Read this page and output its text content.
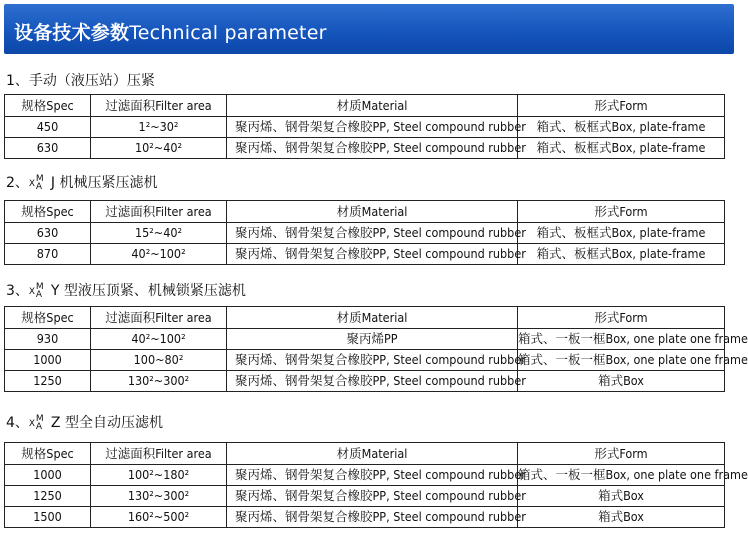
设备技术参数Technical parameter
1、手动（液压站）压紧
规格Spec	过滤面积Filter area	材质Material	形式Form
450	1²~30²	聚丙烯、钢骨架复合橡胶PP, Steel compound rubber	箱式、板框式Box, plate-frame
630	10²~40²	聚丙烯、钢骨架复合橡胶PP, Steel compound rubber	箱式、板框式Box, plate-frame
2、 X M
A J 机械压紧压滤机
规格Spec	过滤面积Filter area	材质Material	形式Form
630	15²~40²	聚丙烯、钢骨架复合橡胶PP, Steel compound rubber	箱式、板框式Box, plate-frame
870	40²~100²	聚丙烯、钢骨架复合橡胶PP, Steel compound rubber	箱式、板框式Box, plate-frame
3、 X M
A Y 型液压顶紧、机械锁紧压滤机
规格Spec	过滤面积Filter area	材质Material	形式Form
930	40²~100²	聚丙烯PP	箱式、一板一框Box, one plate one frame
1000	100~80²	聚丙烯、钢骨架复合橡胶PP, Steel compound rubber	箱式、一板一框Box, one plate one frame
1250	130²~300²	聚丙烯、钢骨架复合橡胶PP, Steel compound rubber	箱式Box
4、 X M
A Z 型全自动压滤机
规格Spec	过滤面积Filter area	材质Material	形式Form
1000	100²~180²	聚丙烯、钢骨架复合橡胶PP, Steel compound rubber	箱式、一板一框Box, one plate one frame
1250	130²~300²	聚丙烯、钢骨架复合橡胶PP, Steel compound rubber	箱式Box
1500	160²~500²	聚丙烯、钢骨架复合橡胶PP, Steel compound rubber	箱式Box
